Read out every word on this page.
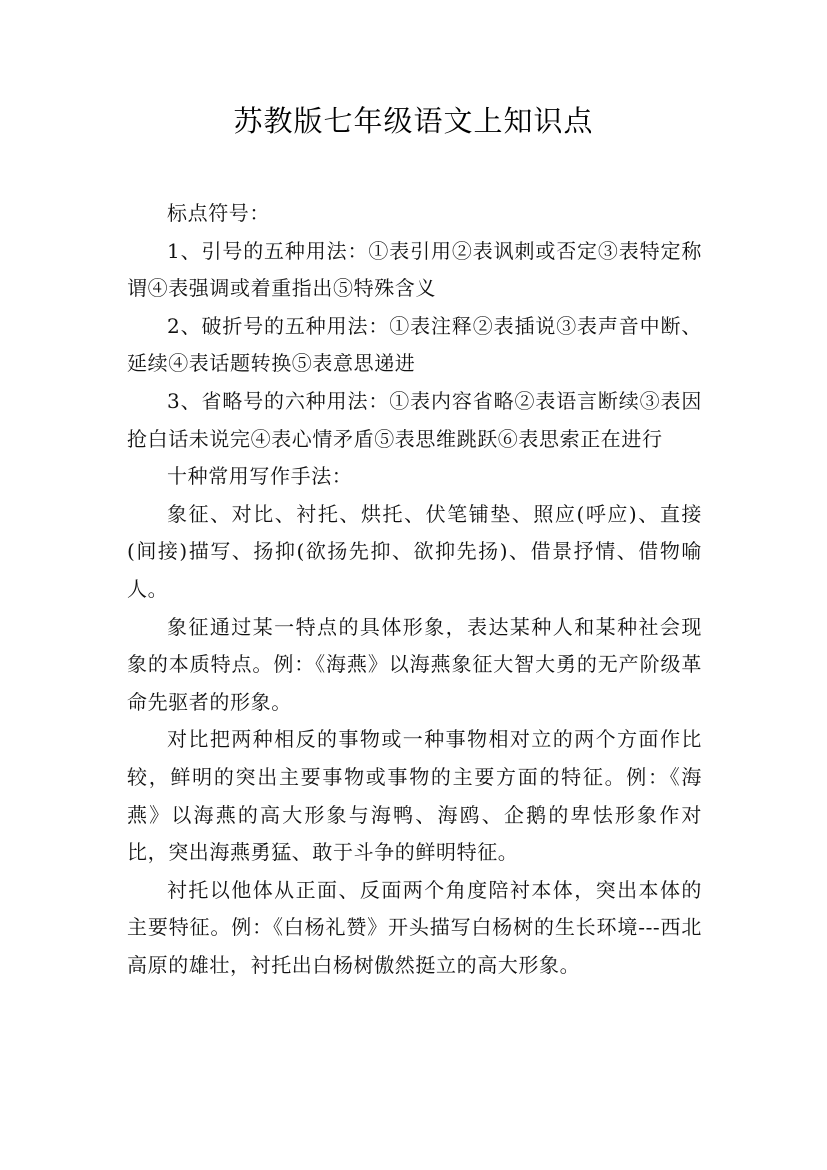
苏教版七年级语文上知识点

标点符号：

1、引号的五种用法：①表引用②表讽刺或否定③表特定称谓④表强调或着重指出⑤特殊含义

2、破折号的五种用法：①表注释②表插说③表声音中断、延续④表话题转换⑤表意思递进

3、省略号的六种用法：①表内容省略②表语言断续③表因抢白话未说完④表心情矛盾⑤表思维跳跃⑥表思索正在进行

十种常用写作手法：

象征、对比、衬托、烘托、伏笔铺垫、照应(呼应)、直接(间接)描写、扬抑(欲扬先抑、欲抑先扬)、借景抒情、借物喻人。

象征通过某一特点的具体形象，表达某种人和某种社会现象的本质特点。例：《海燕》以海燕象征大智大勇的无产阶级革命先驱者的形象。

对比把两种相反的事物或一种事物相对立的两个方面作比较，鲜明的突出主要事物或事物的主要方面的特征。例：《海燕》以海燕的高大形象与海鸭、海鸥、企鹅的卑怯形象作对比，突出海燕勇猛、敢于斗争的鲜明特征。

衬托以他体从正面、反面两个角度陪衬本体，突出本体的主要特征。例：《白杨礼赞》开头描写白杨树的生长环境---西北高原的雄壮，衬托出白杨树傲然挺立的高大形象。
